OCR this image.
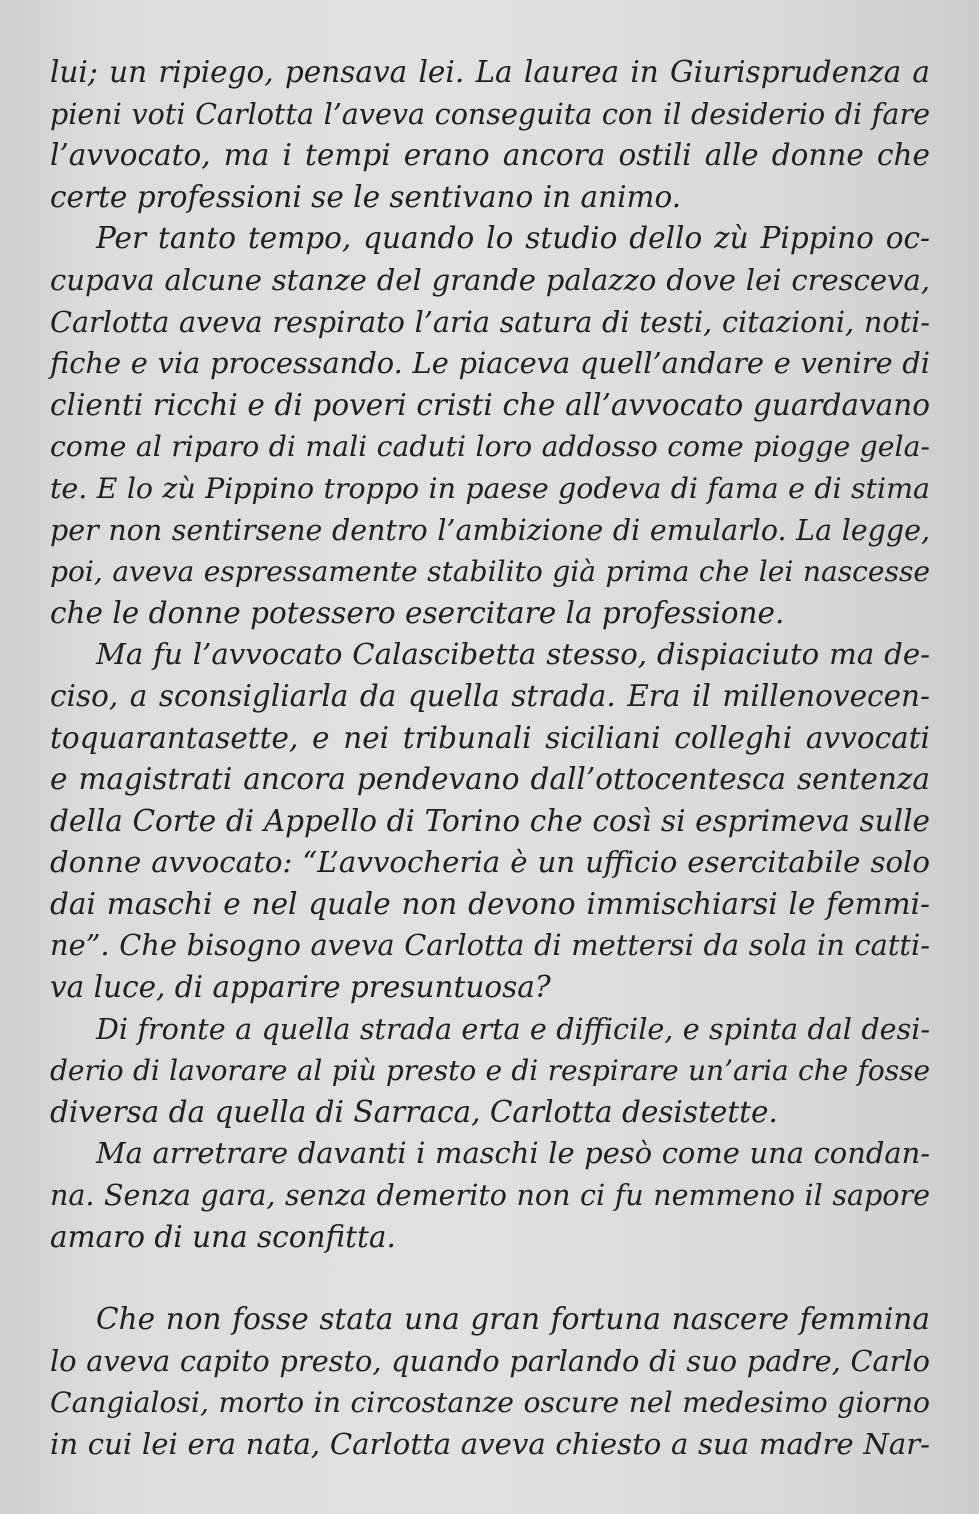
lui; un ripiego, pensava lei. La laurea in Giurisprudenza a
pieni voti Carlotta l’aveva conseguita con il desiderio di fare
l’avvocato, ma i tempi erano ancora ostili alle donne che
certe professioni se le sentivano in animo.
Per tanto tempo, quando lo studio dello zù Pippino oc-
cupava alcune stanze del grande palazzo dove lei cresceva,
Carlotta aveva respirato l’aria satura di testi, citazioni, noti-
fiche e via processando. Le piaceva quell’andare e venire di
clienti ricchi e di poveri cristi che all’avvocato guardavano
come al riparo di mali caduti loro addosso come piogge gela-
te. E lo zù Pippino troppo in paese godeva di fama e di stima
per non sentirsene dentro l’ambizione di emularlo. La legge,
poi, aveva espressamente stabilito già prima che lei nascesse
che le donne potessero esercitare la professione.
Ma fu l’avvocato Calascibetta stesso, dispiaciuto ma de-
ciso, a sconsigliarla da quella strada. Era il millenovecen-
toquarantasette, e nei tribunali siciliani colleghi avvocati
e magistrati ancora pendevano dall’ottocentesca sentenza
della Corte di Appello di Torino che così si esprimeva sulle
donne avvocato: “L’avvocheria è un ufficio esercitabile solo
dai maschi e nel quale non devono immischiarsi le femmi-
ne”. Che bisogno aveva Carlotta di mettersi da sola in catti-
va luce, di apparire presuntuosa?
Di fronte a quella strada erta e difficile, e spinta dal desi-
derio di lavorare al più presto e di respirare un’aria che fosse
diversa da quella di Sarraca, Carlotta desistette.
Ma arretrare davanti i maschi le pesò come una condan-
na. Senza gara, senza demerito non ci fu nemmeno il sapore
amaro di una sconfitta.
Che non fosse stata una gran fortuna nascere femmina
lo aveva capito presto, quando parlando di suo padre, Carlo
Cangialosi, morto in circostanze oscure nel medesimo giorno
in cui lei era nata, Carlotta aveva chiesto a sua madre Nar-
